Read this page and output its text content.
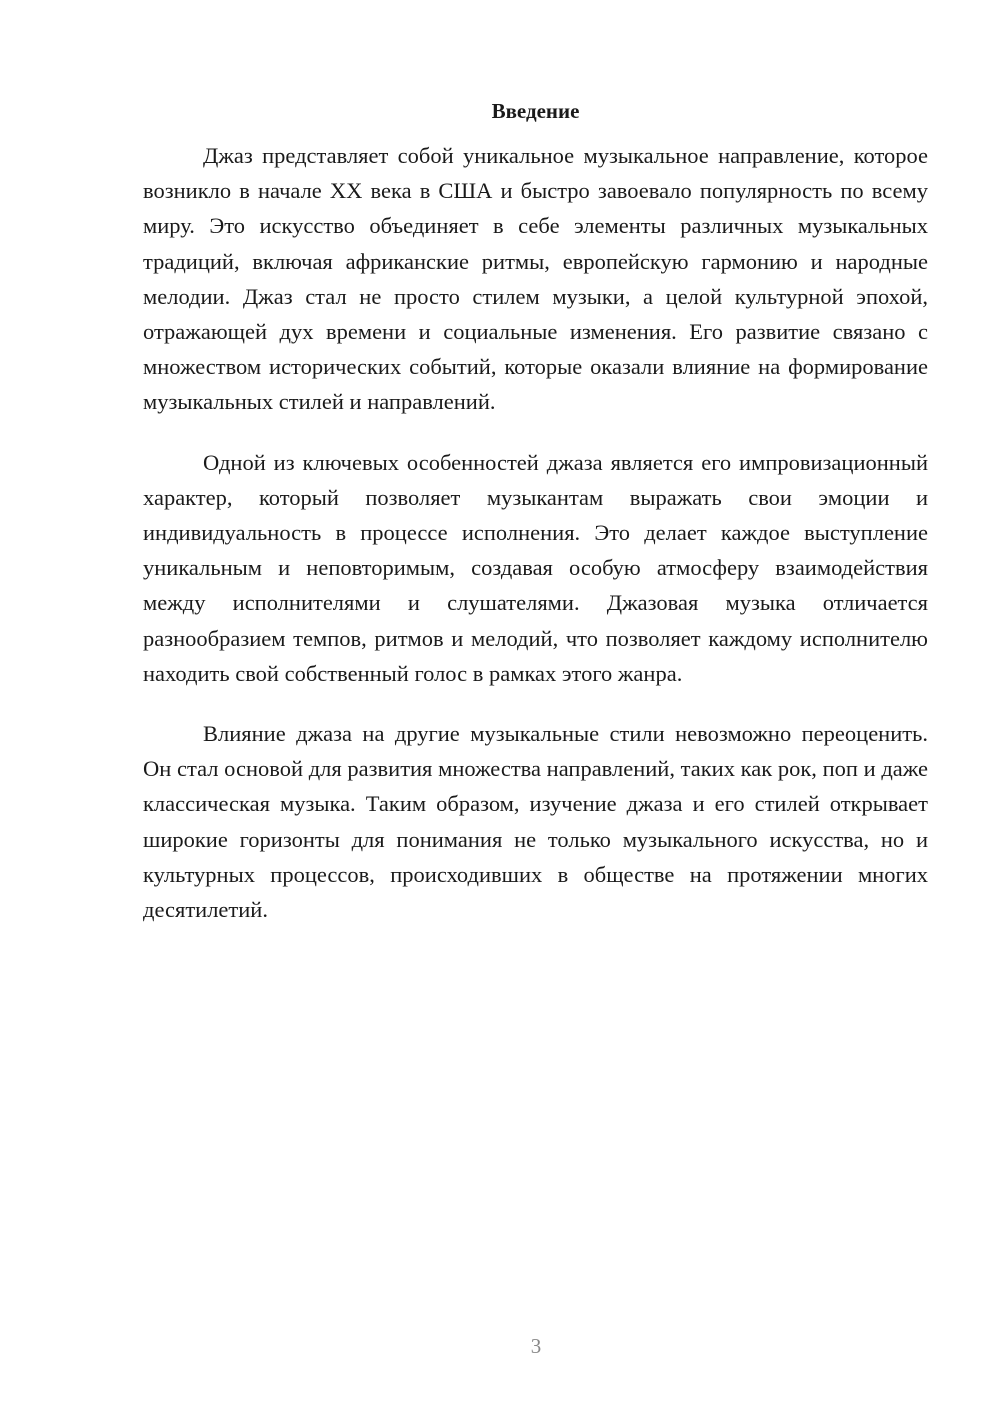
Введение

Джаз представляет собой уникальное музыкальное направление, которое возникло в начале XX века в США и быстро завоевало популярность по всему миру. Это искусство объединяет в себе элементы различных музыкальных традиций, включая африканские ритмы, европейскую гармонию и народные мелодии. Джаз стал не просто стилем музыки, а целой культурной эпохой, отражающей дух времени и социальные изменения. Его развитие связано с множеством исторических событий, которые оказали влияние на формирование музыкальных стилей и направлений.

Одной из ключевых особенностей джаза является его импровизационный характер, который позволяет музыкантам выражать свои эмоции и индивидуальность в процессе исполнения. Это делает каждое выступление уникальным и неповторимым, создавая особую атмосферу взаимодействия между исполнителями и слушателями. Джазовая музыка отличается разнообразием темпов, ритмов и мелодий, что позволяет каждому исполнителю находить свой собственный голос в рамках этого жанра.

Влияние джаза на другие музыкальные стили невозможно переоценить. Он стал основой для развития множества направлений, таких как рок, поп и даже классическая музыка. Таким образом, изучение джаза и его стилей открывает широкие горизонты для понимания не только музыкального искусства, но и культурных процессов, происходивших в обществе на протяжении многих десятилетий.

3
